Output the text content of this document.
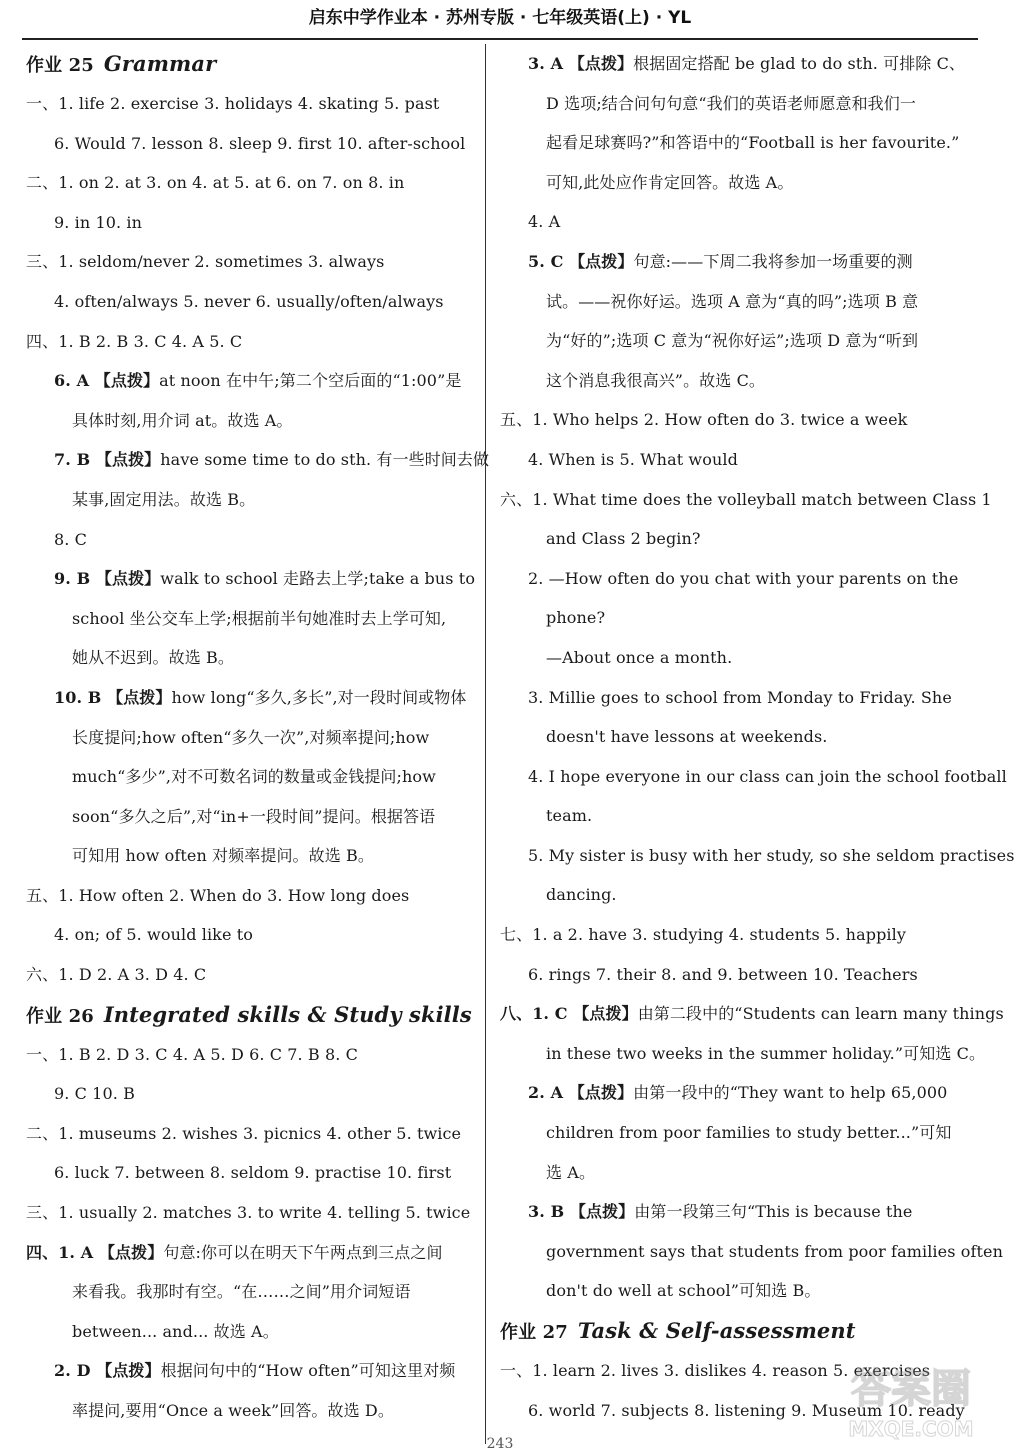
启东中学作业本 · 苏州专版 · 七年级英语(上) · YL
作业 25 Grammar
一、1. life 2. exercise 3. holidays 4. skating 5. past
6. Would 7. lesson 8. sleep 9. first 10. after-school
二、1. on 2. at 3. on 4. at 5. at 6. on 7. on 8. in
9. in 10. in
三、1. seldom/never 2. sometimes 3. always
4. often/always 5. never 6. usually/often/always
四、1. B 2. B 3. C 4. A 5. C
6. A 【点拨】at noon 在中午;第二个空后面的“1:00”是
具体时刻,用介词 at。故选 A。
7. B 【点拨】have some time to do sth. 有一些时间去做
某事,固定用法。故选 B。
8. C
9. B 【点拨】walk to school 走路去上学;take a bus to
school 坐公交车上学;根据前半句她准时去上学可知,
她从不迟到。故选 B。
10. B 【点拨】how long“多久,多长”,对一段时间或物体
长度提问;how often“多久一次”,对频率提问;how
much“多少”,对不可数名词的数量或金钱提问;how
soon“多久之后”,对“in+一段时间”提问。根据答语
可知用 how often 对频率提问。故选 B。
五、1. How often 2. When do 3. How long does
4. on; of 5. would like to
六、1. D 2. A 3. D 4. C
作业 26 Integrated skills & Study skills
一、1. B 2. D 3. C 4. A 5. D 6. C 7. B 8. C
9. C 10. B
二、1. museums 2. wishes 3. picnics 4. other 5. twice
6. luck 7. between 8. seldom 9. practise 10. first
三、1. usually 2. matches 3. to write 4. telling 5. twice
四、1. A 【点拨】句意:你可以在明天下午两点到三点之间
来看我。我那时有空。“在……之间”用介词短语
between... and... 故选 A。
2. D 【点拨】根据问句中的“How often”可知这里对频
率提问,要用“Once a week”回答。故选 D。
3. A 【点拨】根据固定搭配 be glad to do sth. 可排除 C、
D 选项;结合问句句意“我们的英语老师愿意和我们一
起看足球赛吗?”和答语中的“Football is her favourite.”
可知,此处应作肯定回答。故选 A。
4. A
5. C 【点拨】句意:——下周二我将参加一场重要的测
试。——祝你好运。选项 A 意为“真的吗”;选项 B 意
为“好的”;选项 C 意为“祝你好运”;选项 D 意为“听到
这个消息我很高兴”。故选 C。
五、1. Who helps 2. How often do 3. twice a week
4. When is 5. What would
六、1. What time does the volleyball match between Class 1
and Class 2 begin?
2. —How often do you chat with your parents on the
phone?
—About once a month.
3. Millie goes to school from Monday to Friday. She
doesn't have lessons at weekends.
4. I hope everyone in our class can join the school football
team.
5. My sister is busy with her study, so she seldom practises
dancing.
七、1. a 2. have 3. studying 4. students 5. happily
6. rings 7. their 8. and 9. between 10. Teachers
八、1. C 【点拨】由第二段中的“Students can learn many things
in these two weeks in the summer holiday.”可知选 C。
2. A 【点拨】由第一段中的“They want to help 65,000
children from poor families to study better...”可知
选 A。
3. B 【点拨】由第一段第三句“This is because the
government says that students from poor families often
don't do well at school”可知选 B。
作业 27 Task & Self-assessment
一、1. learn 2. lives 3. dislikes 4. reason 5. exercises
6. world 7. subjects 8. listening 9. Museum 10. ready
243
答案圈
MXQE.COM
